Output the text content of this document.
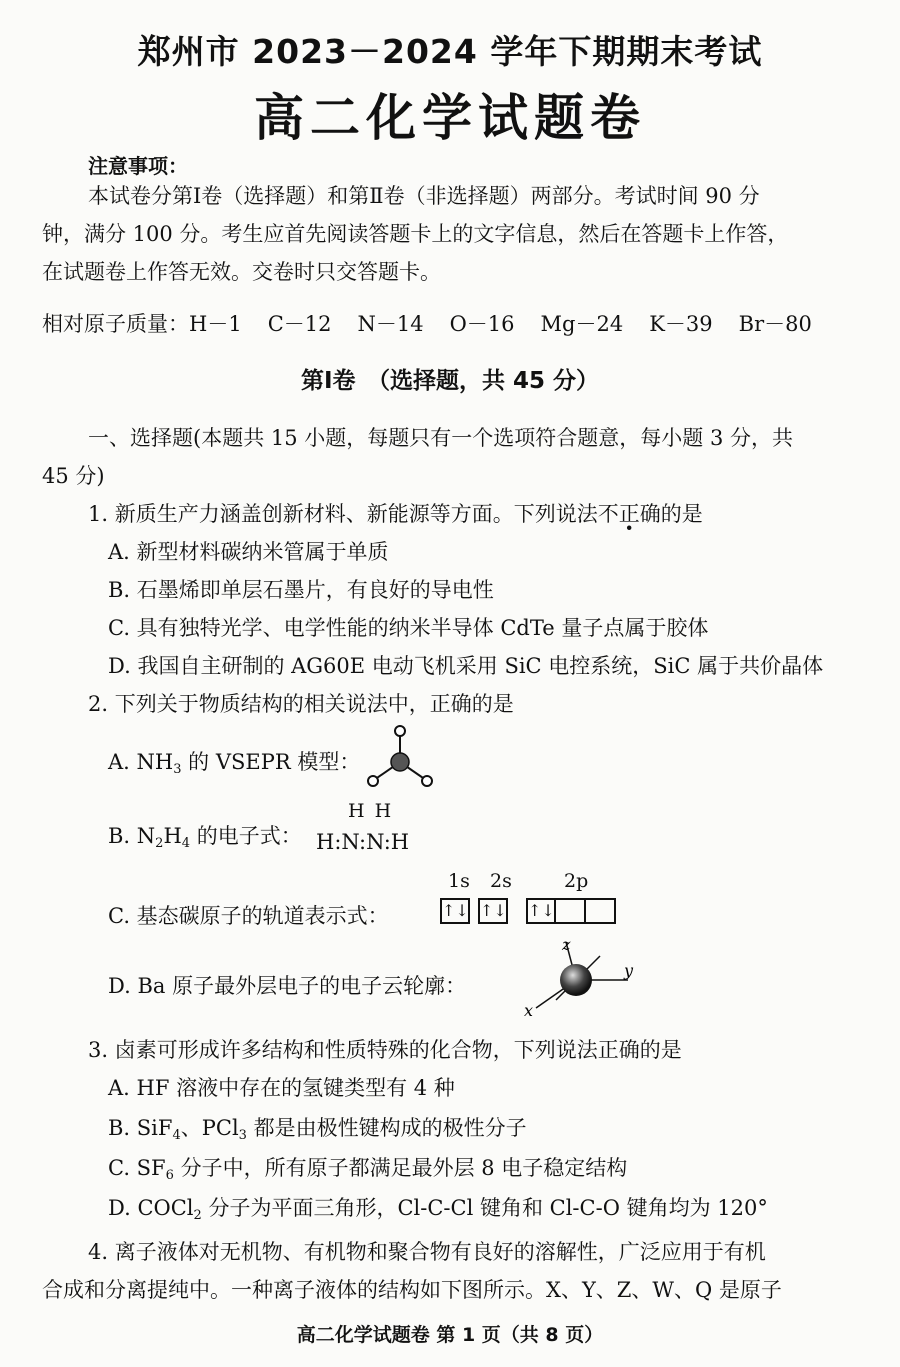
郑州市 2023－2024 学年下期期末考试
高二化学试题卷
注意事项：
本试卷分第Ⅰ卷（选择题）和第Ⅱ卷（非选择题）两部分。考试时间 90 分
钟，满分 100 分。考生应首先阅读答题卡上的文字信息，然后在答题卡上作答，
在试题卷上作答无效。交卷时只交答题卡。
相对原子质量：H－1 C－12 N－14 O－16 Mg－24 K－39 Br－80
第Ⅰ卷　（选择题，共 45 分）
一、选择题(本题共 15 小题，每题只有一个选项符合题意，每小题 3 分，共
45 分)
1. 新质生产力涵盖创新材料、新能源等方面。下列说法不正确的是
A. 新型材料碳纳米管属于单质
B. 石墨烯即单层石墨片，有良好的导电性
C. 具有独特光学、电学性能的纳米半导体 CdTe 量子点属于胶体
D. 我国自主研制的 AG60E 电动飞机采用 SiC 电控系统，SiC 属于共价晶体
2. 下列关于物质结构的相关说法中，正确的是
A. $NH_3$ 的 VSEPR 模型：
B. $N_2H_4$ 的电子式：
H H
H:N:N:H
1s 2s	2p
C. 基态碳原子的轨道表示式：	↑↓ ↑↓ ↑↓
D. Ba 原子最外层电子的电子云轮廓：
z
y
x
3. 卤素可形成许多结构和性质特殊的化合物，下列说法正确的是
A. HF 溶液中存在的氢键类型有 4 种
B. SiF$_4$、PCl$_3$ 都是由极性键构成的极性分子
C. $SF_6$ 分子中，所有原子都满足最外层 8 电子稳定结构
D. COCl$_2$ 分子为平面三角形，Cl-C-Cl 键角和 Cl-C-O 键角均为 120°
4. 离子液体对无机物、有机物和聚合物有良好的溶解性，广泛应用于有机
合成和分离提纯中。一种离子液体的结构如下图所示。X、Y、Z、W、Q 是原子
高二化学试题卷 第 1 页（共 8 页）
